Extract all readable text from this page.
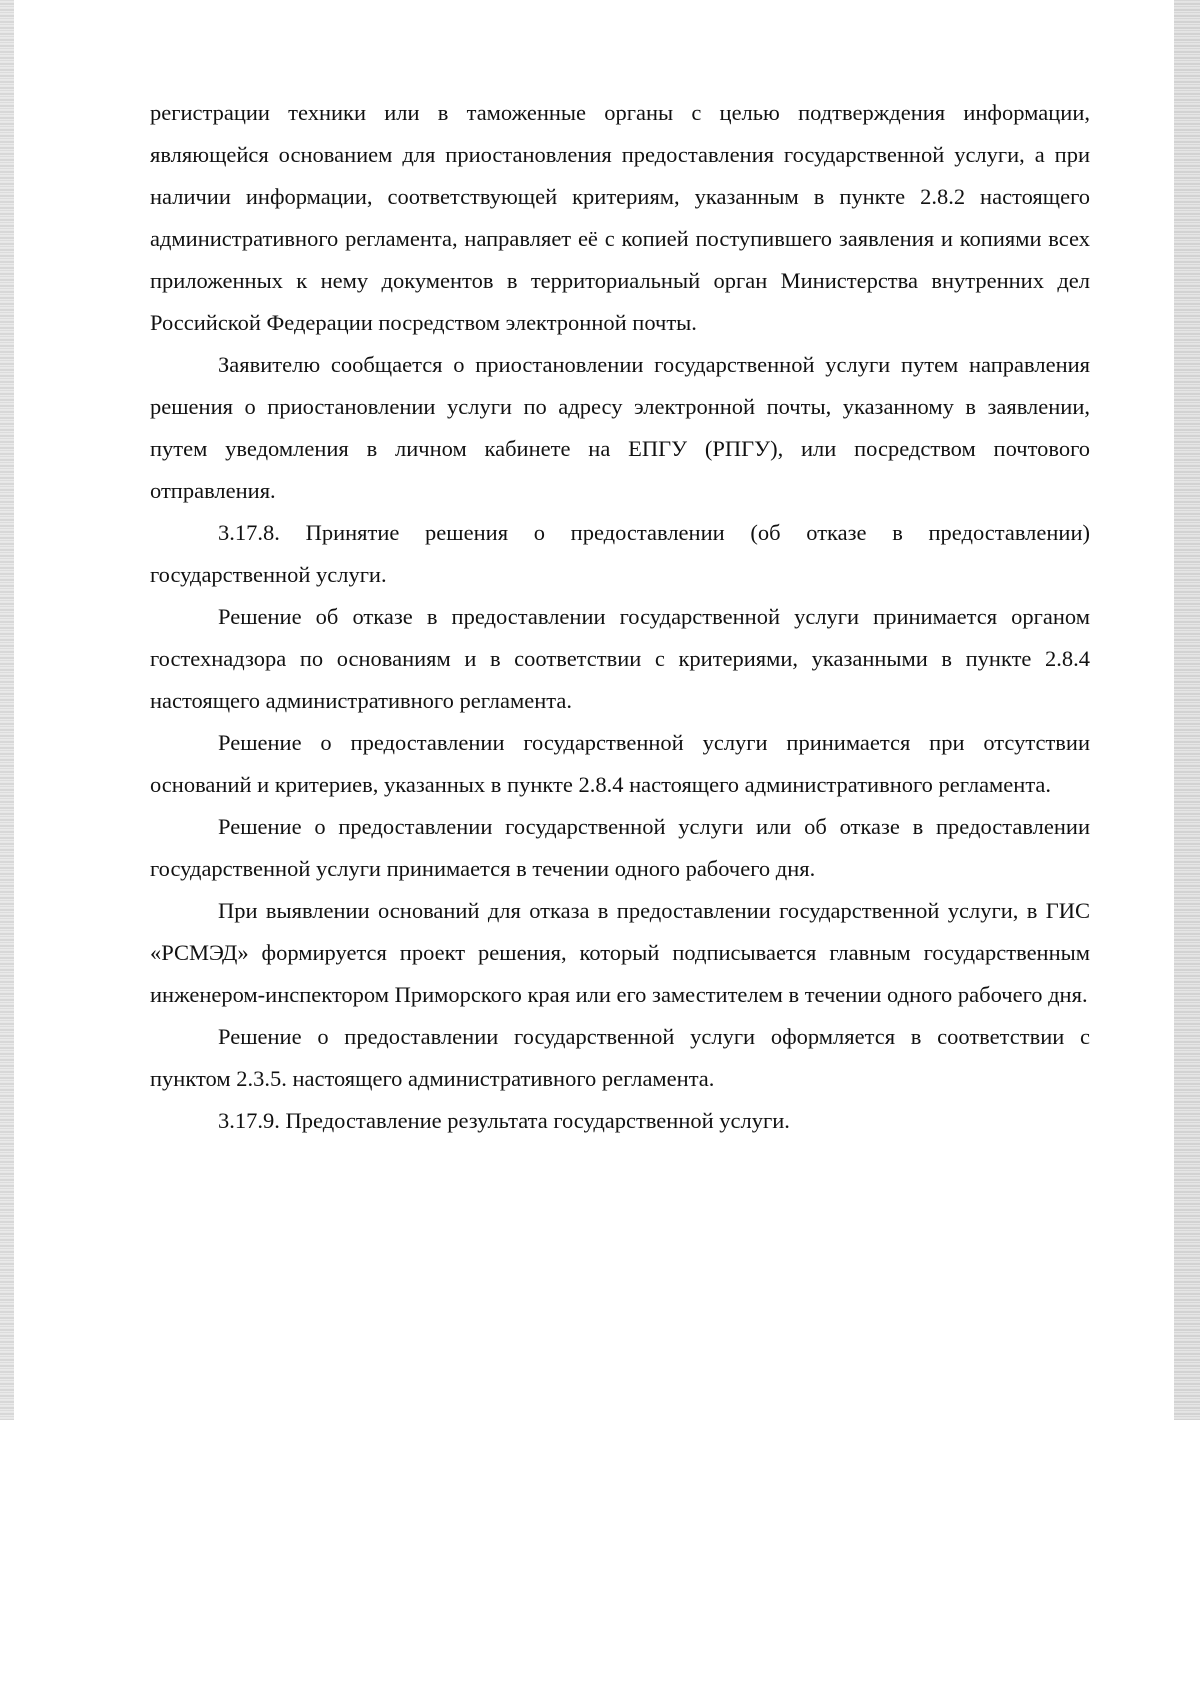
регистрации техники или в таможенные органы с целью подтверждения информации, являющейся основанием для приостановления предоставления государственной услуги, а при наличии информации, соответствующей критериям, указанным в пункте 2.8.2 настоящего административного регламента, направляет её с копией поступившего заявления и копиями всех приложенных к нему документов в территориальный орган Министерства внутренних дел Российской Федерации посредством электронной почты.

Заявителю сообщается о приостановлении государственной услуги путем направления решения о приостановлении услуги по адресу электронной почты, указанному в заявлении, путем уведомления в личном кабинете на ЕПГУ (РПГУ), или посредством почтового отправления.

3.17.8. Принятие решения о предоставлении (об отказе в предоставлении) государственной услуги.

Решение об отказе в предоставлении государственной услуги принимается органом гостехнадзора по основаниям и в соответствии с критериями, указанными в пункте 2.8.4 настоящего административного регламента.

Решение о предоставлении государственной услуги принимается при отсутствии оснований и критериев, указанных в пункте 2.8.4 настоящего административного регламента.

Решение о предоставлении государственной услуги или об отказе в предоставлении государственной услуги принимается в течении одного рабочего дня.

При выявлении оснований для отказа в предоставлении государственной услуги, в ГИС «РСМЭД» формируется проект решения, который подписывается главным государственным инженером-инспектором Приморского края или его заместителем в течении одного рабочего дня.

Решение о предоставлении государственной услуги оформляется в соответствии с пунктом 2.3.5. настоящего административного регламента.

3.17.9. Предоставление результата государственной услуги.
